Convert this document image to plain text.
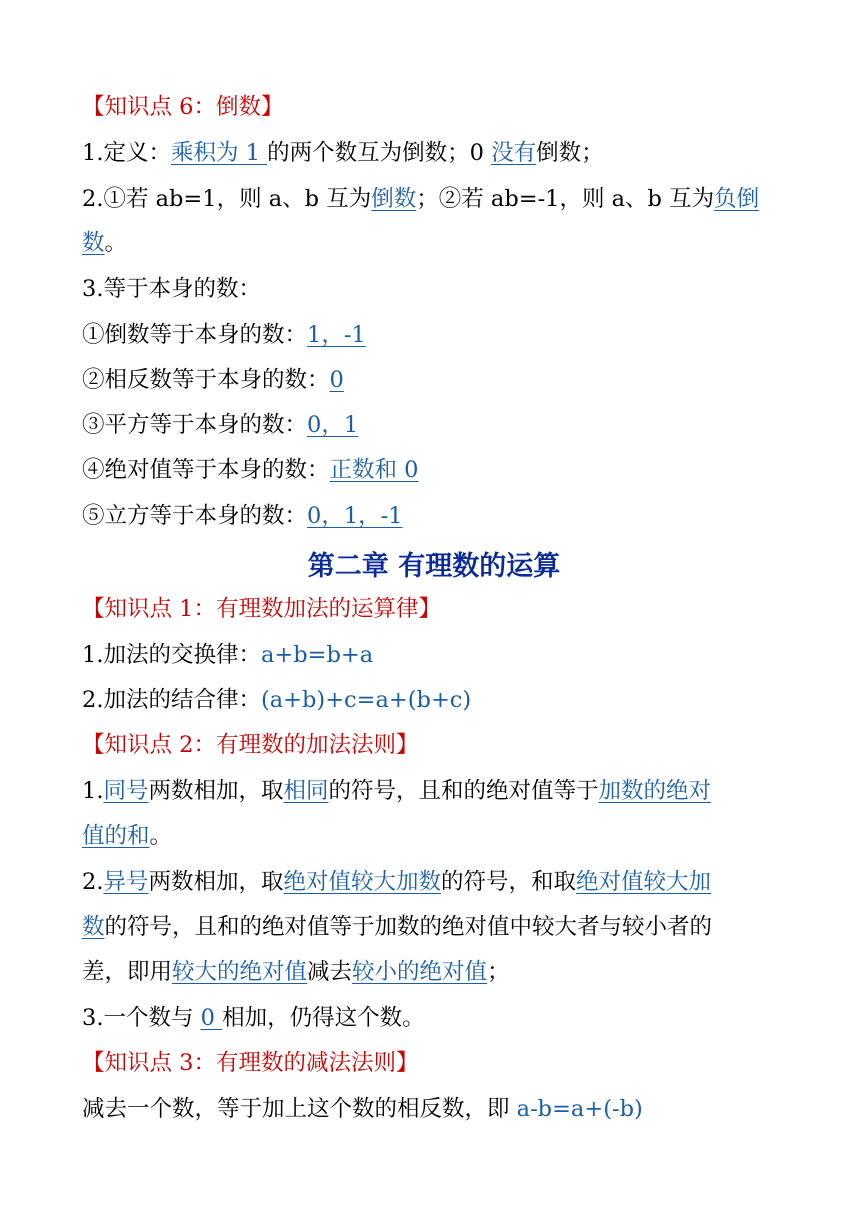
【知识点 6：倒数】
1.定义：乘积为 1 的两个数互为倒数；0 没有倒数；
2.①若 ab=1，则 a、b 互为倒数；②若 ab=-1，则 a、b 互为负倒
数。
3.等于本身的数：
①倒数等于本身的数：1，-1
②相反数等于本身的数：0
③平方等于本身的数：0，1
④绝对值等于本身的数：正数和 0
⑤立方等于本身的数：0，1，-1
第二章 有理数的运算
【知识点 1：有理数加法的运算律】
1.加法的交换律：a+b=b+a
2.加法的结合律：(a+b)+c=a+(b+c)
【知识点 2：有理数的加法法则】
1.同号两数相加，取相同的符号，且和的绝对值等于加数的绝对
值的和。
2.异号两数相加，取绝对值较大加数的符号，和取绝对值较大加
数的符号，且和的绝对值等于加数的绝对值中较大者与较小者的
差，即用较大的绝对值减去较小的绝对值；
3.一个数与 0 相加，仍得这个数。
【知识点 3：有理数的减法法则】
减去一个数，等于加上这个数的相反数，即 a-b=a+(-b)
